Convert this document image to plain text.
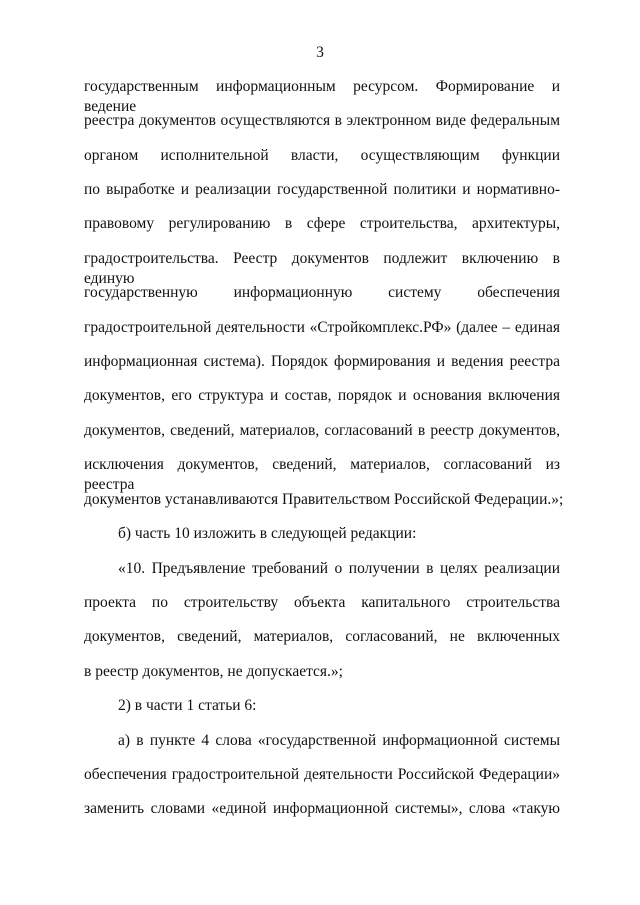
3
государственным информационным ресурсом. Формирование и ведение
реестра документов осуществляются в электронном виде федеральным
органом исполнительной власти, осуществляющим функции
по выработке и реализации государственной политики и нормативно-
правовому регулированию в сфере строительства, архитектуры,
градостроительства. Реестр документов подлежит включению в единую
государственную информационную систему обеспечения
градостроительной деятельности «Стройкомплекс.РФ» (далее – единая
информационная система). Порядок формирования и ведения реестра
документов, его структура и состав, порядок и основания включения
документов, сведений, материалов, согласований в реестр документов,
исключения документов, сведений, материалов, согласований из реестра
документов устанавливаются Правительством Российской Федерации.»;
б) часть 10 изложить в следующей редакции:
«10. Предъявление требований о получении в целях реализации
проекта по строительству объекта капитального строительства
документов, сведений, материалов, согласований, не включенных
в реестр документов, не допускается.»;
2) в части 1 статьи 6:
а) в пункте 4 слова «государственной информационной системы
обеспечения градостроительной деятельности Российской Федерации»
заменить словами «единой информационной системы», слова «такую
